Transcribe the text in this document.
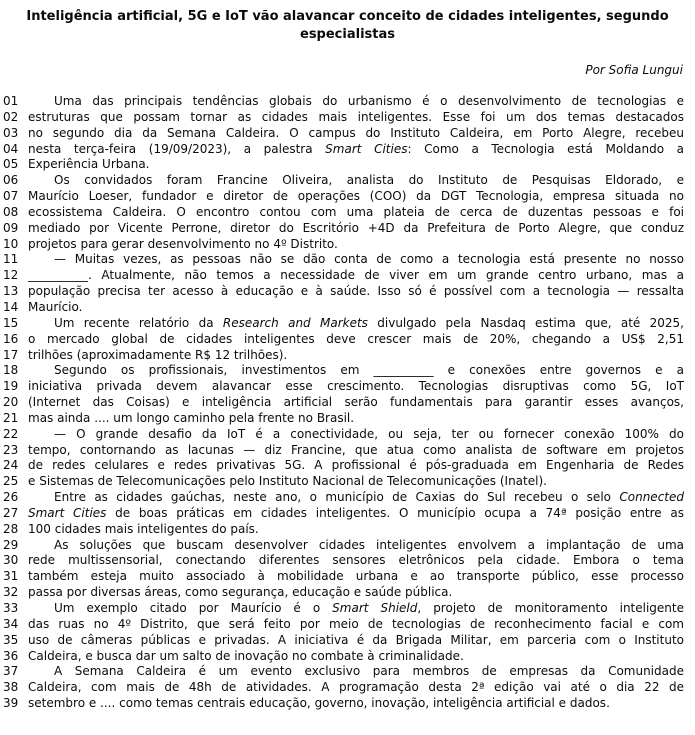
Inteligência artificial, 5G e IoT vão alavancar conceito de cidades inteligentes, segundo especialistas
Por Sofia Lungui
01	Uma das principais tendências globais do urbanismo é o desenvolvimento de tecnologias e
02 estruturas que possam tornar as cidades mais inteligentes. Esse foi um dos temas destacados
03 no segundo dia da Semana Caldeira. O campus do Instituto Caldeira, em Porto Alegre, recebeu
04 nesta terça-feira (19/09/2023), a palestra Smart Cities: Como a Tecnologia está Moldando a
05 Experiência Urbana.
06	Os convidados foram Francine Oliveira, analista do Instituto de Pesquisas Eldorado, e
07 Maurício Loeser, fundador e diretor de operações (COO) da DGT Tecnologia, empresa situada no
08 ecossistema Caldeira. O encontro contou com uma plateia de cerca de duzentas pessoas e foi
09 mediado por Vicente Perrone, diretor do Escritório +4D da Prefeitura de Porto Alegre, que conduz
10 projetos para gerar desenvolvimento no 4º Distrito.
11	— Muitas vezes, as pessoas não se dão conta de como a tecnologia está presente no nosso
12 __________. Atualmente, não temos a necessidade de viver em um grande centro urbano, mas a
13 população precisa ter acesso à educação e à saúde. Isso só é possível com a tecnologia — ressalta
14 Maurício.
15	Um recente relatório da Research and Markets divulgado pela Nasdaq estima que, até 2025,
16 o mercado global de cidades inteligentes deve crescer mais de 20%, chegando a US$ 2,51
17 trilhões (aproximadamente R$ 12 trilhões).
18	Segundo os profissionais, investimentos em __________ e conexões entre governos e a
19 iniciativa privada devem alavancar esse crescimento. Tecnologias disruptivas como 5G, IoT
20 (Internet das Coisas) e inteligência artificial serão fundamentais para garantir esses avanços,
21 mas ainda .... um longo caminho pela frente no Brasil.
22	— O grande desafio da IoT é a conectividade, ou seja, ter ou fornecer conexão 100% do
23 tempo, contornando as lacunas — diz Francine, que atua como analista de software em projetos
24 de redes celulares e redes privativas 5G. A profissional é pós-graduada em Engenharia de Redes
25 e Sistemas de Telecomunicações pelo Instituto Nacional de Telecomunicações (Inatel).
26	Entre as cidades gaúchas, neste ano, o município de Caxias do Sul recebeu o selo Connected
27 Smart Cities de boas práticas em cidades inteligentes. O município ocupa a 74ª posição entre as
28 100 cidades mais inteligentes do país.
29	As soluções que buscam desenvolver cidades inteligentes envolvem a implantação de uma
30 rede multissensorial, conectando diferentes sensores eletrônicos pela cidade. Embora o tema
31 também esteja muito associado à mobilidade urbana e ao transporte público, esse processo
32 passa por diversas áreas, como segurança, educação e saúde pública.
33	Um exemplo citado por Maurício é o Smart Shield, projeto de monitoramento inteligente
34 das ruas no 4º Distrito, que será feito por meio de tecnologias de reconhecimento facial e com
35 uso de câmeras públicas e privadas. A iniciativa é da Brigada Militar, em parceria com o Instituto
36 Caldeira, e busca dar um salto de inovação no combate à criminalidade.
37	A Semana Caldeira é um evento exclusivo para membros de empresas da Comunidade
38 Caldeira, com mais de 48h de atividades. A programação desta 2ª edição vai até o dia 22 de
39 setembro e .... como temas centrais educação, governo, inovação, inteligência artificial e dados.
